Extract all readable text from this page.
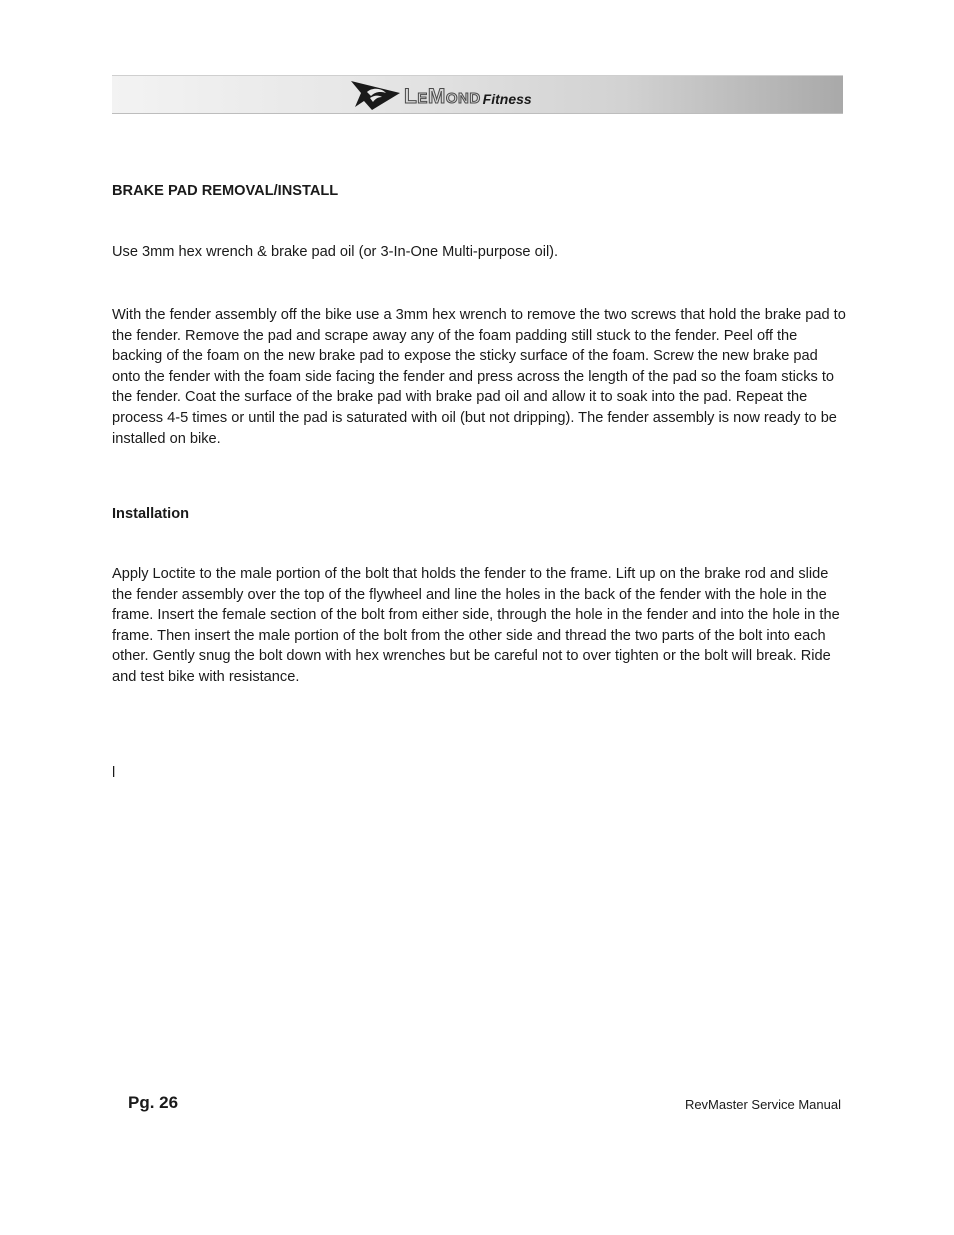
LeMond Fitness

BRAKE PAD REMOVAL/INSTALL

Use 3mm hex wrench & brake pad oil (or 3-In-One Multi-purpose oil).

With the fender assembly off the bike use a 3mm hex wrench to remove the two screws that hold the brake pad to the fender. Remove the pad and scrape away any of the foam padding still stuck to the fender. Peel off the backing of the foam on the new brake pad to expose the sticky surface of the foam. Screw the new brake pad onto the fender with the foam side facing the fender and press across the length of the pad so the foam sticks to the fender. Coat the surface of the brake pad with brake pad oil and allow it to soak into the pad. Repeat the process 4-5 times or until the pad is saturated with oil (but not dripping). The fender assembly is now ready to be installed on bike.

Installation

Apply Loctite to the male portion of the bolt that holds the fender to the frame. Lift up on the brake rod and slide the fender assembly over the top of the flywheel and line the holes in the back of the fender with the hole in the frame. Insert the female section of the bolt from either side, through the hole in the fender and into the hole in the frame. Then insert the male portion of the bolt from the other side and thread the two parts of the bolt into each other. Gently snug the bolt down with hex wrenches but be careful not to over tighten or the bolt will break. Ride and test bike with resistance.

l

Pg. 26	RevMaster Service Manual
